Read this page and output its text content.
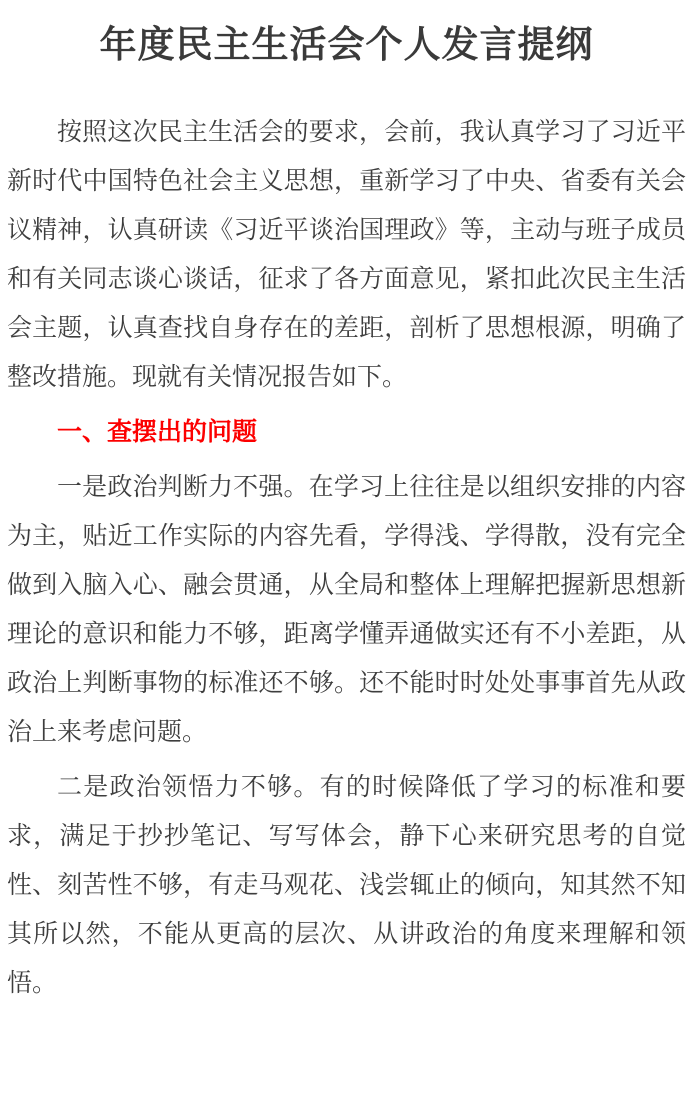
年度民主生活会个人发言提纲

按照这次民主生活会的要求，会前，我认真学习了习近平新时代中国特色社会主义思想，重新学习了中央、省委有关会议精神，认真研读《习近平谈治国理政》等，主动与班子成员和有关同志谈心谈话，征求了各方面意见，紧扣此次民主生活会主题，认真查找自身存在的差距，剖析了思想根源，明确了整改措施。现就有关情况报告如下。

一、查摆出的问题

一是政治判断力不强。在学习上往往是以组织安排的内容为主，贴近工作实际的内容先看，学得浅、学得散，没有完全做到入脑入心、融会贯通，从全局和整体上理解把握新思想新理论的意识和能力不够，距离学懂弄通做实还有不小差距，从政治上判断事物的标准还不够。还不能时时处处事事首先从政治上来考虑问题。

二是政治领悟力不够。有的时候降低了学习的标准和要求，满足于抄抄笔记、写写体会，静下心来研究思考的自觉性、刻苦性不够，有走马观花、浅尝辄止的倾向，知其然不知其所以然，不能从更高的层次、从讲政治的角度来理解和领悟。
